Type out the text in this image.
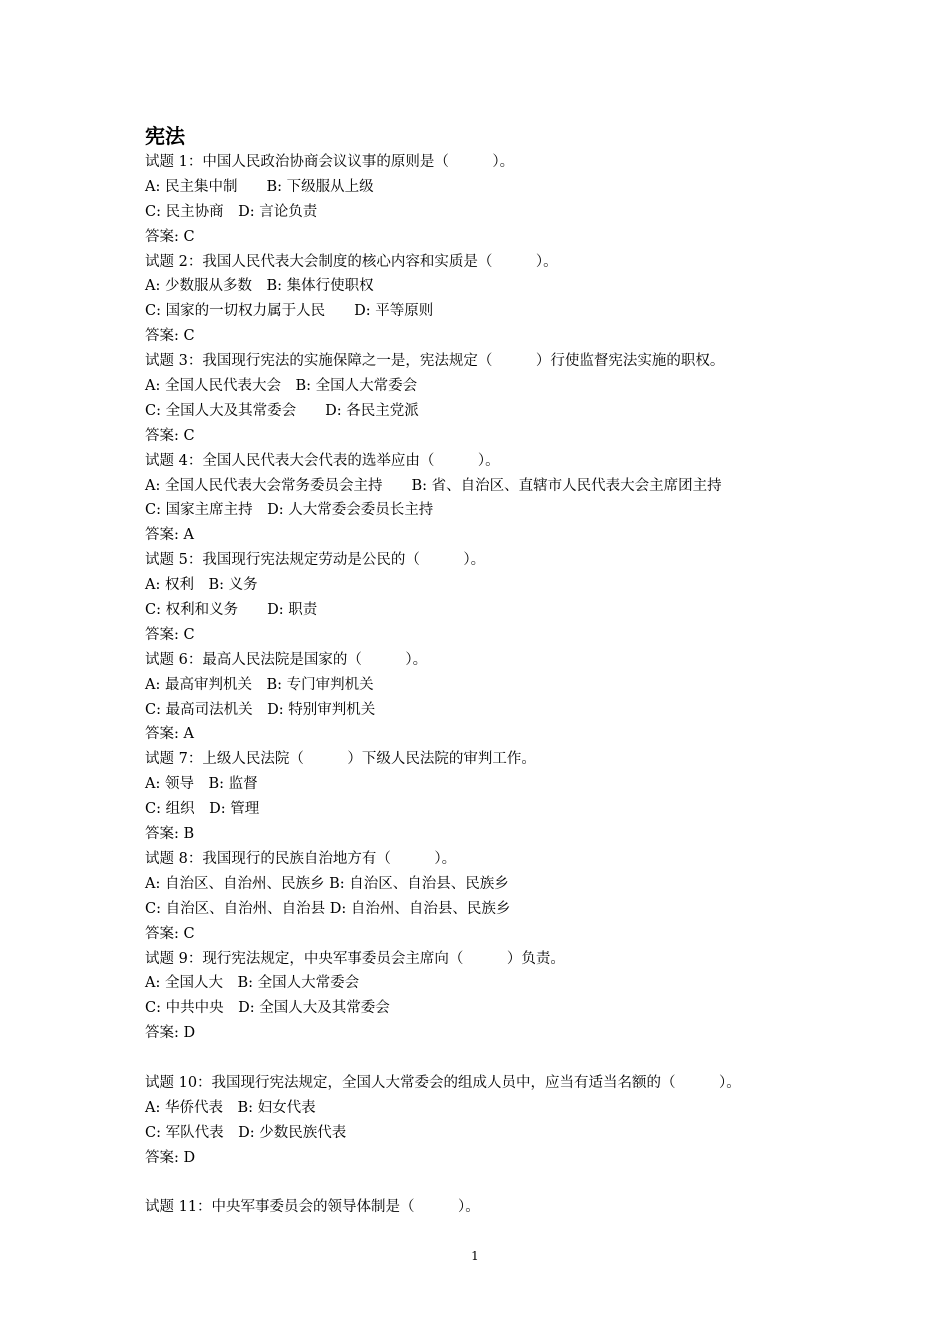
宪法
试题 1：中国人民政治协商会议议事的原则是（　　　）。
A: 民主集中制　　B: 下级服从上级
C: 民主协商　D: 言论负责
答案: C
试题 2：我国人民代表大会制度的核心内容和实质是（　　　）。
A: 少数服从多数　B: 集体行使职权
C: 国家的一切权力属于人民　　D: 平等原则
答案: C
试题 3：我国现行宪法的实施保障之一是，宪法规定（　　　）行使监督宪法实施的职权。
A: 全国人民代表大会　B: 全国人大常委会
C: 全国人大及其常委会　　D: 各民主党派
答案: C
试题 4：全国人民代表大会代表的选举应由（　　　）。
A: 全国人民代表大会常务委员会主持　　B: 省、自治区、直辖市人民代表大会主席团主持
C: 国家主席主持　D: 人大常委会委员长主持
答案: A
试题 5：我国现行宪法规定劳动是公民的（　　　）。
A: 权利　B: 义务
C: 权利和义务　　D: 职责
答案: C
试题 6：最高人民法院是国家的（　　　）。
A: 最高审判机关　B: 专门审判机关
C: 最高司法机关　D: 特别审判机关
答案: A
试题 7：上级人民法院（　　　）下级人民法院的审判工作。
A: 领导　B: 监督
C: 组织　D: 管理
答案: B
试题 8：我国现行的民族自治地方有（　　　）。
A: 自治区、自治州、民族乡 B: 自治区、自治县、民族乡
C: 自治区、自治州、自治县 D: 自治州、自治县、民族乡
答案: C
试题 9：现行宪法规定，中央军事委员会主席向（　　　）负责。
A: 全国人大　B: 全国人大常委会
C: 中共中央　D: 全国人大及其常委会
答案: D
试题 10：我国现行宪法规定，全国人大常委会的组成人员中，应当有适当名额的（　　　）。
A: 华侨代表　B: 妇女代表
C: 军队代表　D: 少数民族代表
答案: D
试题 11：中央军事委员会的领导体制是（　　　）。
1
